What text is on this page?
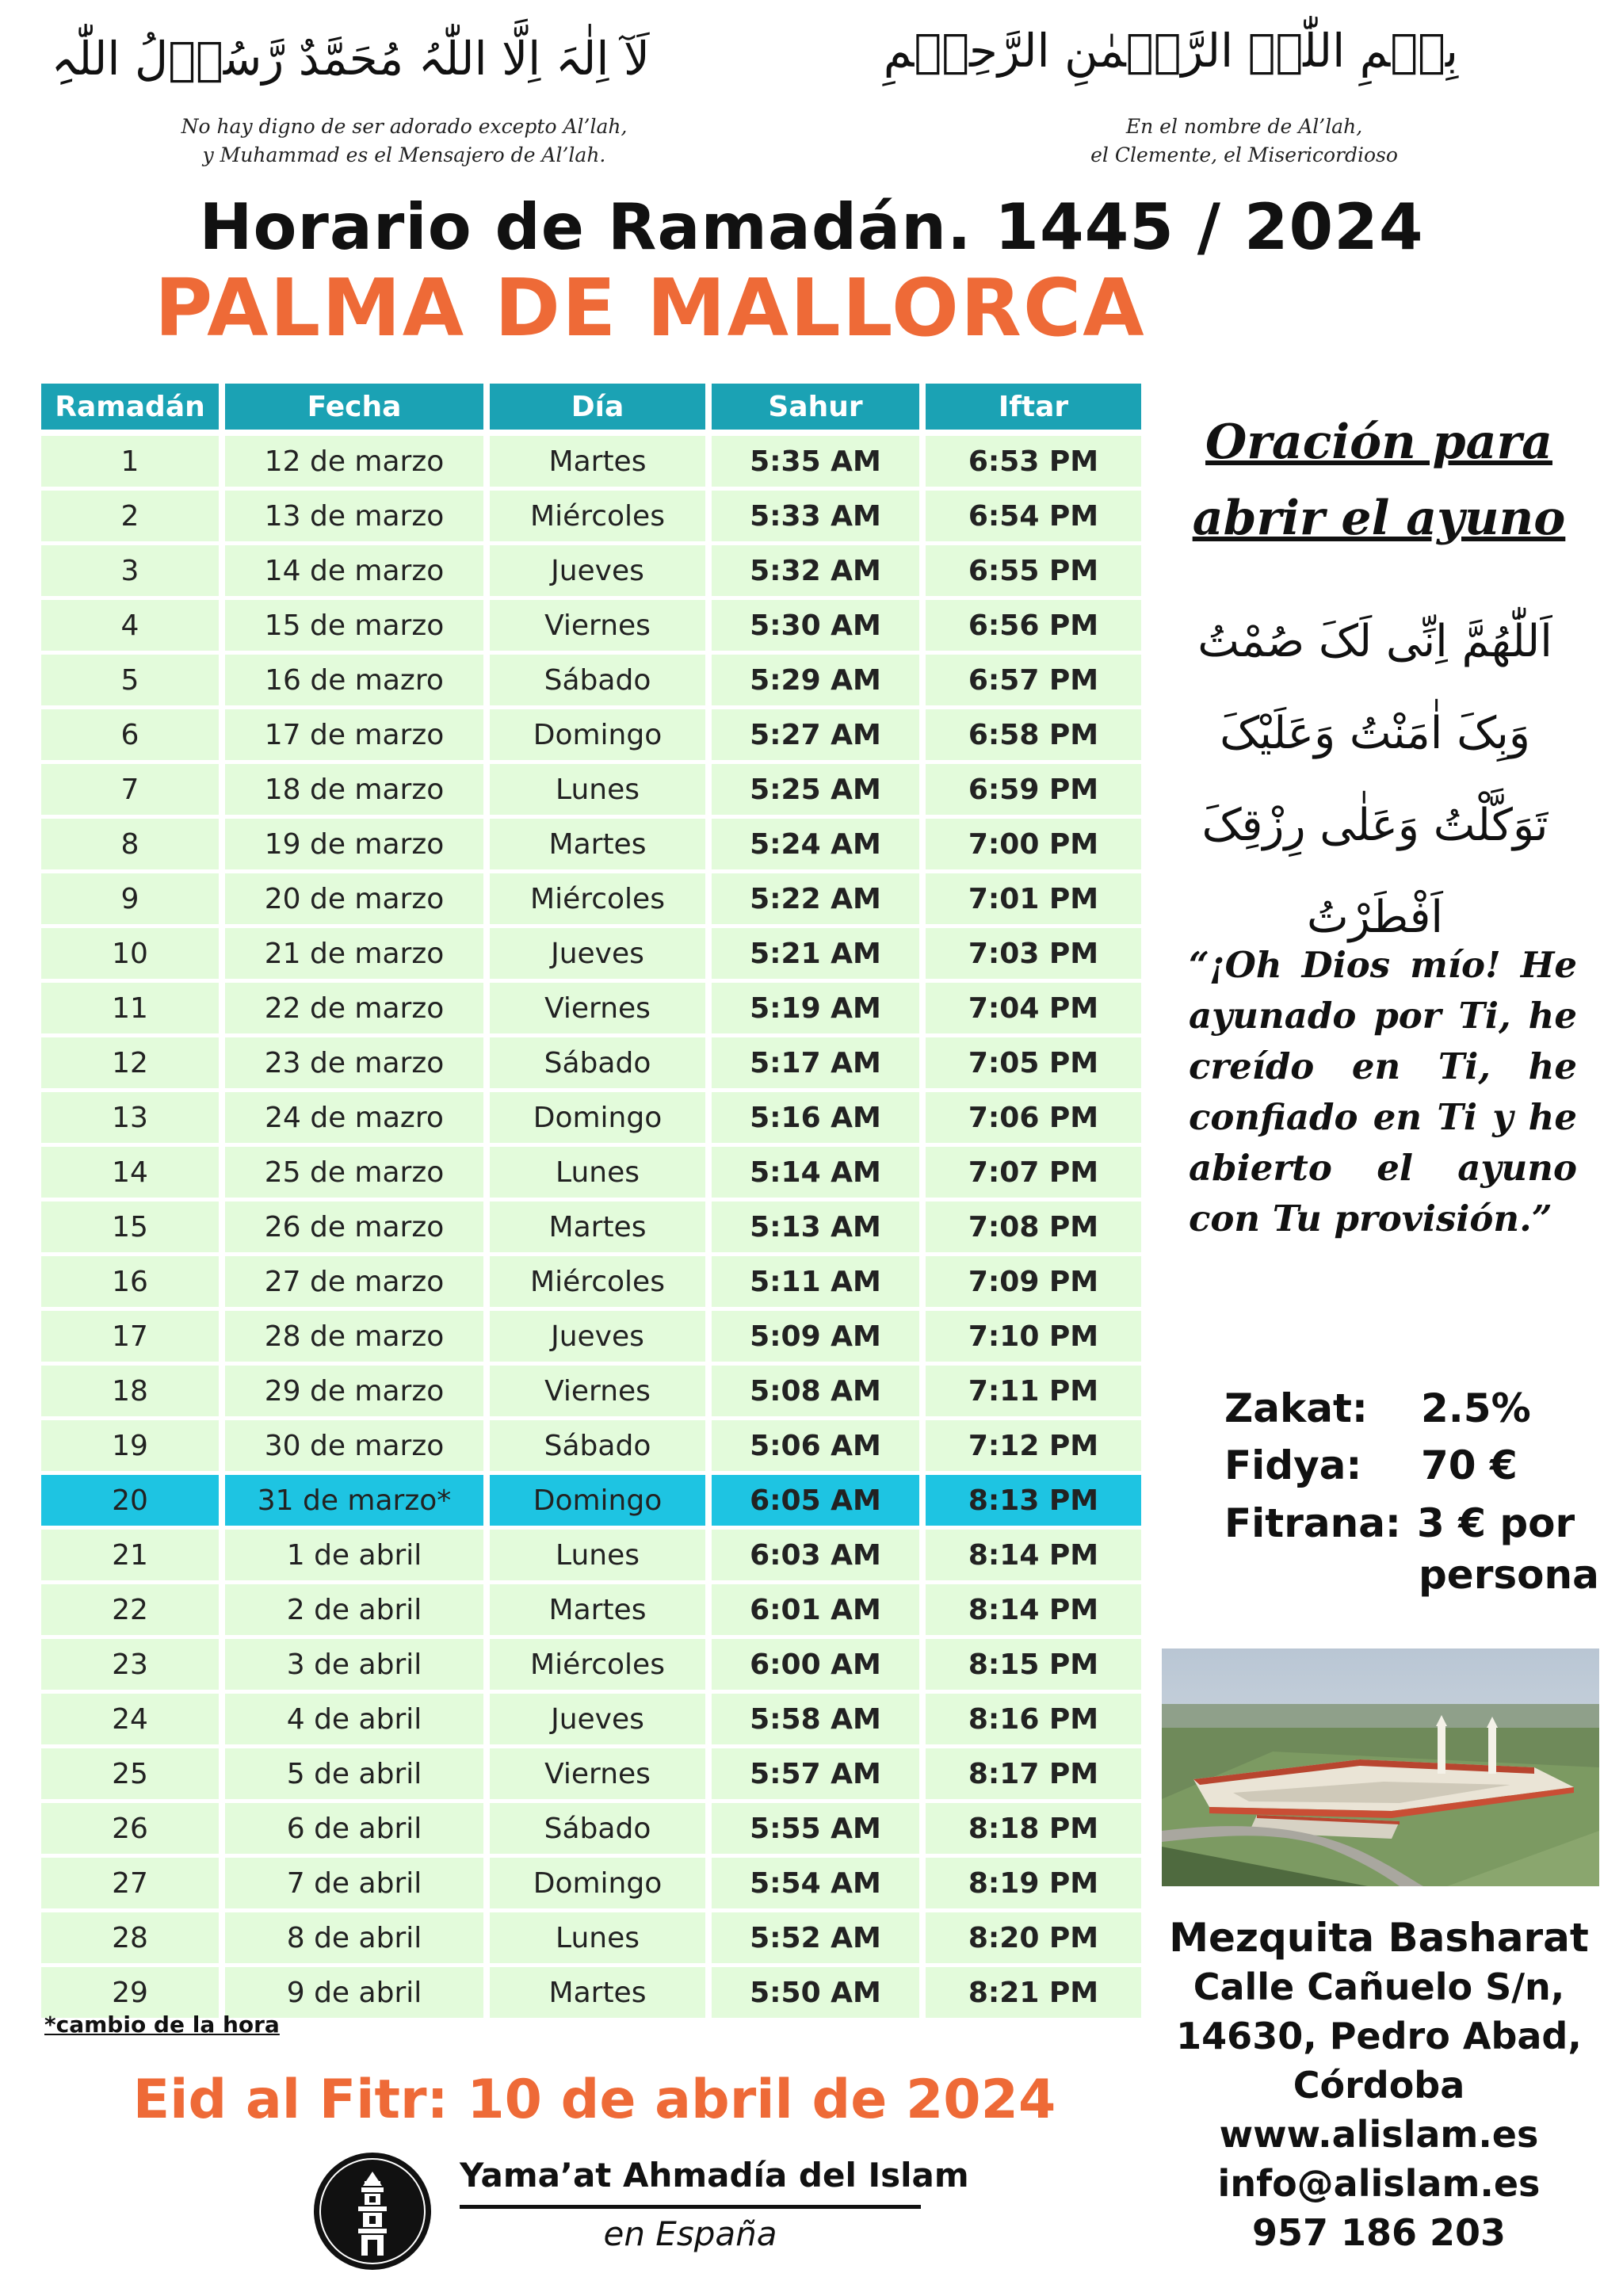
لَآ اِلٰہَ اِلَّا اللّٰہُ مُحَمَّدٌ رَّسُوۡلُ اللّٰہِ
No hay digno de ser adorado excepto Al’lah,
y Muhammad es el Mensajero de Al’lah.
بِسۡمِ اللّٰہِ الرَّحۡمٰنِ الرَّحِیۡمِ
En el nombre de Al’lah,
el Clemente, el Misericordioso
Horario de Ramadán. 1445 / 2024
PALMA DE MALLORCA
Ramadán	Fecha	Día	Sahur	Iftar
1	12 de marzo	Martes	5:35 AM	6:53 PM
2	13 de marzo	Miércoles	5:33 AM	6:54 PM
3	14 de marzo	Jueves	5:32 AM	6:55 PM
4	15 de marzo	Viernes	5:30 AM	6:56 PM
5	16 de mazro	Sábado	5:29 AM	6:57 PM
6	17 de marzo	Domingo	5:27 AM	6:58 PM
7	18 de marzo	Lunes	5:25 AM	6:59 PM
8	19 de marzo	Martes	5:24 AM	7:00 PM
9	20 de marzo	Miércoles	5:22 AM	7:01 PM
10	21 de marzo	Jueves	5:21 AM	7:03 PM
11	22 de marzo	Viernes	5:19 AM	7:04 PM
12	23 de marzo	Sábado	5:17 AM	7:05 PM
13	24 de mazro	Domingo	5:16 AM	7:06 PM
14	25 de marzo	Lunes	5:14 AM	7:07 PM
15	26 de marzo	Martes	5:13 AM	7:08 PM
16	27 de marzo	Miércoles	5:11 AM	7:09 PM
17	28 de marzo	Jueves	5:09 AM	7:10 PM
18	29 de marzo	Viernes	5:08 AM	7:11 PM
19	30 de marzo	Sábado	5:06 AM	7:12 PM
20	31 de marzo*	Domingo	6:05 AM	8:13 PM
21	1 de abril	Lunes	6:03 AM	8:14 PM
22	2 de abril	Martes	6:01 AM	8:14 PM
23	3 de abril	Miércoles	6:00 AM	8:15 PM
24	4 de abril	Jueves	5:58 AM	8:16 PM
25	5 de abril	Viernes	5:57 AM	8:17 PM
26	6 de abril	Sábado	5:55 AM	8:18 PM
27	7 de abril	Domingo	5:54 AM	8:19 PM
28	8 de abril	Lunes	5:52 AM	8:20 PM
29	9 de abril	Martes	5:50 AM	8:21 PM
*cambio de la hora
Eid al Fitr: 10 de abril de 2024
Oración para
abrir el ayuno
اَللّٰھُمَّ اِنِّی لَکَ صُمْتُ
وَبِکَ اٰمَنْتُ وَعَلَیْکَ
تَوَکَّلْتُ وَعَلٰی رِزْقِکَ
اَفْطَرْتُ
“¡Oh Dios mío! He ayunado por Ti, he creído en Ti, he confiado en Ti y he abierto el ayuno con Tu provisión.”
Zakat: 2.5%
Fidya: 70 €
Fitrana: 3 € por
persona
Mezquita Basharat
Calle Cañuelo S/n,
14630, Pedro Abad,
Córdoba
www.alislam.es
info@alislam.es
957 186 203
Yama’at Ahmadía del Islam
en España
